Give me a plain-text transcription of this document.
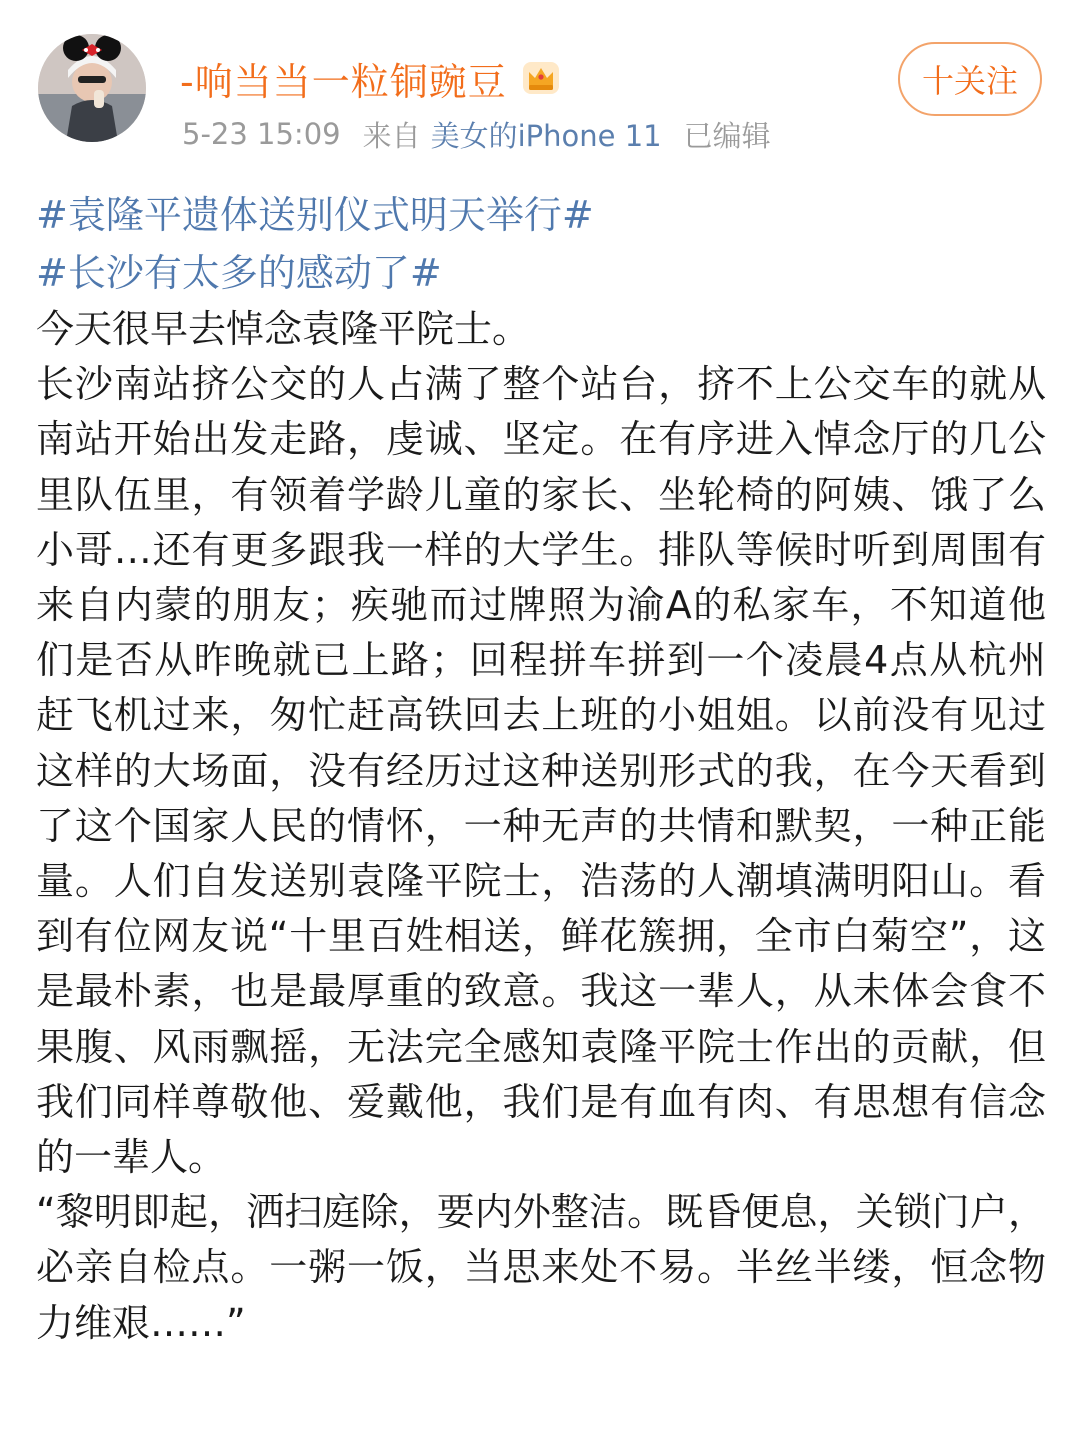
-响当当一粒铜豌豆
5-23 15:09 来自 美女的iPhone 11 已编辑
十关注
#袁隆平遗体送别仪式明天举行#
#长沙有太多的感动了#

今天很早去悼念袁隆平院士。

长沙南站挤公交的人占满了整个站台，挤不上公交车的就从南站开始出发走路，虔诚、坚定。在有序进入悼念厅的几公里队伍里，有领着学龄儿童的家长、坐轮椅的阿姨、饿了么小哥…还有更多跟我一样的大学生。排队等候时听到周围有来自内蒙的朋友；疾驰而过牌照为渝A的私家车，不知道他们是否从昨晚就已上路；回程拼车拼到一个凌晨4点从杭州赶飞机过来，匆忙赶高铁回去上班的小姐姐。以前没有见过这样的大场面，没有经历过这种送别形式的我，在今天看到了这个国家人民的情怀，一种无声的共情和默契，一种正能量。人们自发送别袁隆平院士，浩荡的人潮填满明阳山。看到有位网友说“十里百姓相送，鲜花簇拥，全市白菊空”，这是最朴素，也是最厚重的致意。我这一辈人，从未体会食不果腹、风雨飘摇，无法完全感知袁隆平院士作出的贡献，但我们同样尊敬他、爱戴他，我们是有血有肉、有思想有信念的一辈人。

“黎明即起，洒扫庭除，要内外整洁。既昏便息，关锁门户，必亲自检点。一粥一饭，当思来处不易。半丝半缕，恒念物力维艰……”
